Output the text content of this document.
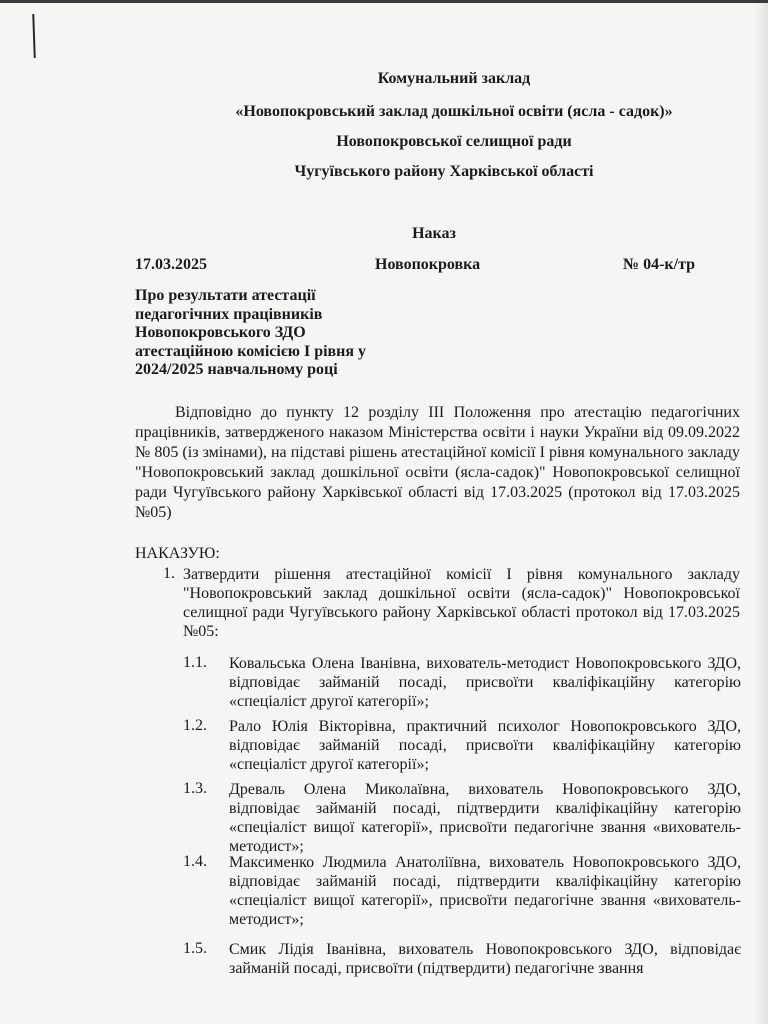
Комунальний заклад
«Новопокровський заклад дошкільної освіти (ясла - садок)»
Новопокровської селищної ради
Чугуївського району Харківської області
Наказ
17.03.2025	Новопокровка	№ 04-к/тр
Про результати атестації
педагогічних працівників
Новопокровського ЗДО
атестаційною комісією І рівня у
2024/2025 навчальному році
Відповідно до пункту 12 розділу ІІІ Положення про атестацію педагогічних працівників, затвердженого наказом Міністерства освіти і науки України від 09.09.2022 № 805 (із змінами), на підставі рішень атестаційної комісії І рівня комунального закладу "Новопокровський заклад дошкільної освіти (ясла-садок)" Новопокровської селищної ради Чугуївського району Харківської області від 17.03.2025 (протокол від 17.03.2025 №05)
НАКАЗУЮ:
1. Затвердити рішення атестаційної комісії І рівня комунального закладу "Новопокровський заклад дошкільної освіти (ясла-садок)" Новопокровської селищної ради Чугуївського району Харківської області протокол від 17.03.2025 №05:
1.1. Ковальська Олена Іванівна, вихователь-методист Новопокровського ЗДО, відповідає займаній посаді, присвоїти кваліфікаційну категорію «спеціаліст другої категорії»;
1.2. Рало Юлія Вікторівна, практичний психолог Новопокровського ЗДО, відповідає займаній посаді, присвоїти кваліфікаційну категорію «спеціаліст другої категорії»;
1.3. Древаль Олена Миколаївна, вихователь Новопокровського ЗДО, відповідає займаній посаді, підтвердити кваліфікаційну категорію «спеціаліст вищої категорії», присвоїти педагогічне звання «вихователь-методист»;
1.4. Максименко Людмила Анатоліївна, вихователь Новопокровського ЗДО, відповідає займаній посаді, підтвердити кваліфікаційну категорію «спеціаліст вищої категорії», присвоїти педагогічне звання «вихователь-методист»;
1.5. Смик Лідія Іванівна, вихователь Новопокровського ЗДО, відповідає займаній посаді, присвоїти (підтвердити) педагогічне звання
